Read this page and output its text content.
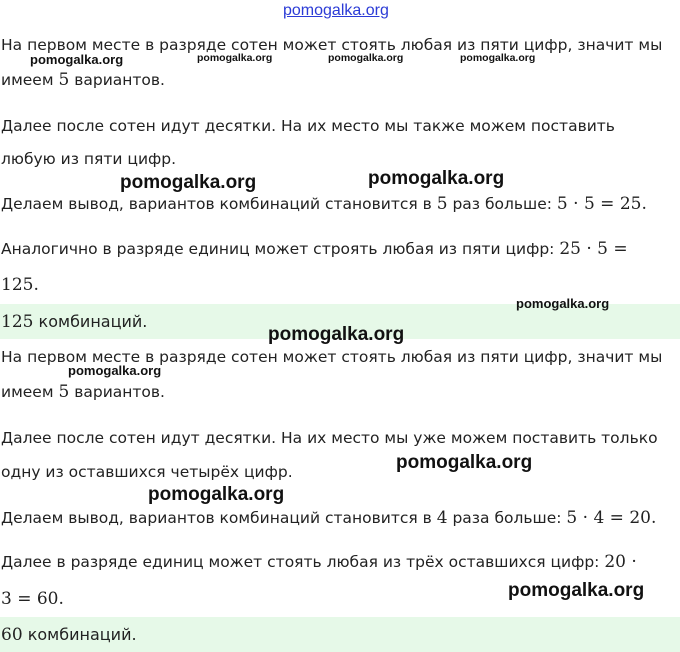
pomogalka.org
На первом месте в разряде сотен может стоять любая из пяти цифр, значит мы
имеем 5 вариантов.
Далее после сотен идут десятки. На их место мы также можем поставить
любую из пяти цифр.
Делаем вывод, вариантов комбинаций становится в 5 раз больше: 5 · 5 = 25.
Аналогично в разряде единиц может строять любая из пяти цифр: 25 · 5 =
125.
125 комбинаций.
На первом месте в разряде сотен может стоять любая из пяти цифр, значит мы
имеем 5 вариантов.
Далее после сотен идут десятки. На их место мы уже можем поставить только
одну из оставшихся четырёх цифр.
Делаем вывод, вариантов комбинаций становится в 4 раза больше: 5 · 4 = 20.
Далее в разряде единиц может стоять любая из трёх оставшихся цифр: 20 ·
3 = 60.
60 комбинаций.
pomogalka.org	pomogalka.org	pomogalka.org	pomogalka.org
pomogalka.org	pomogalka.org
pomogalka.org
pomogalka.org
pomogalka.org
pomogalka.org
pomogalka.org
pomogalka.org
